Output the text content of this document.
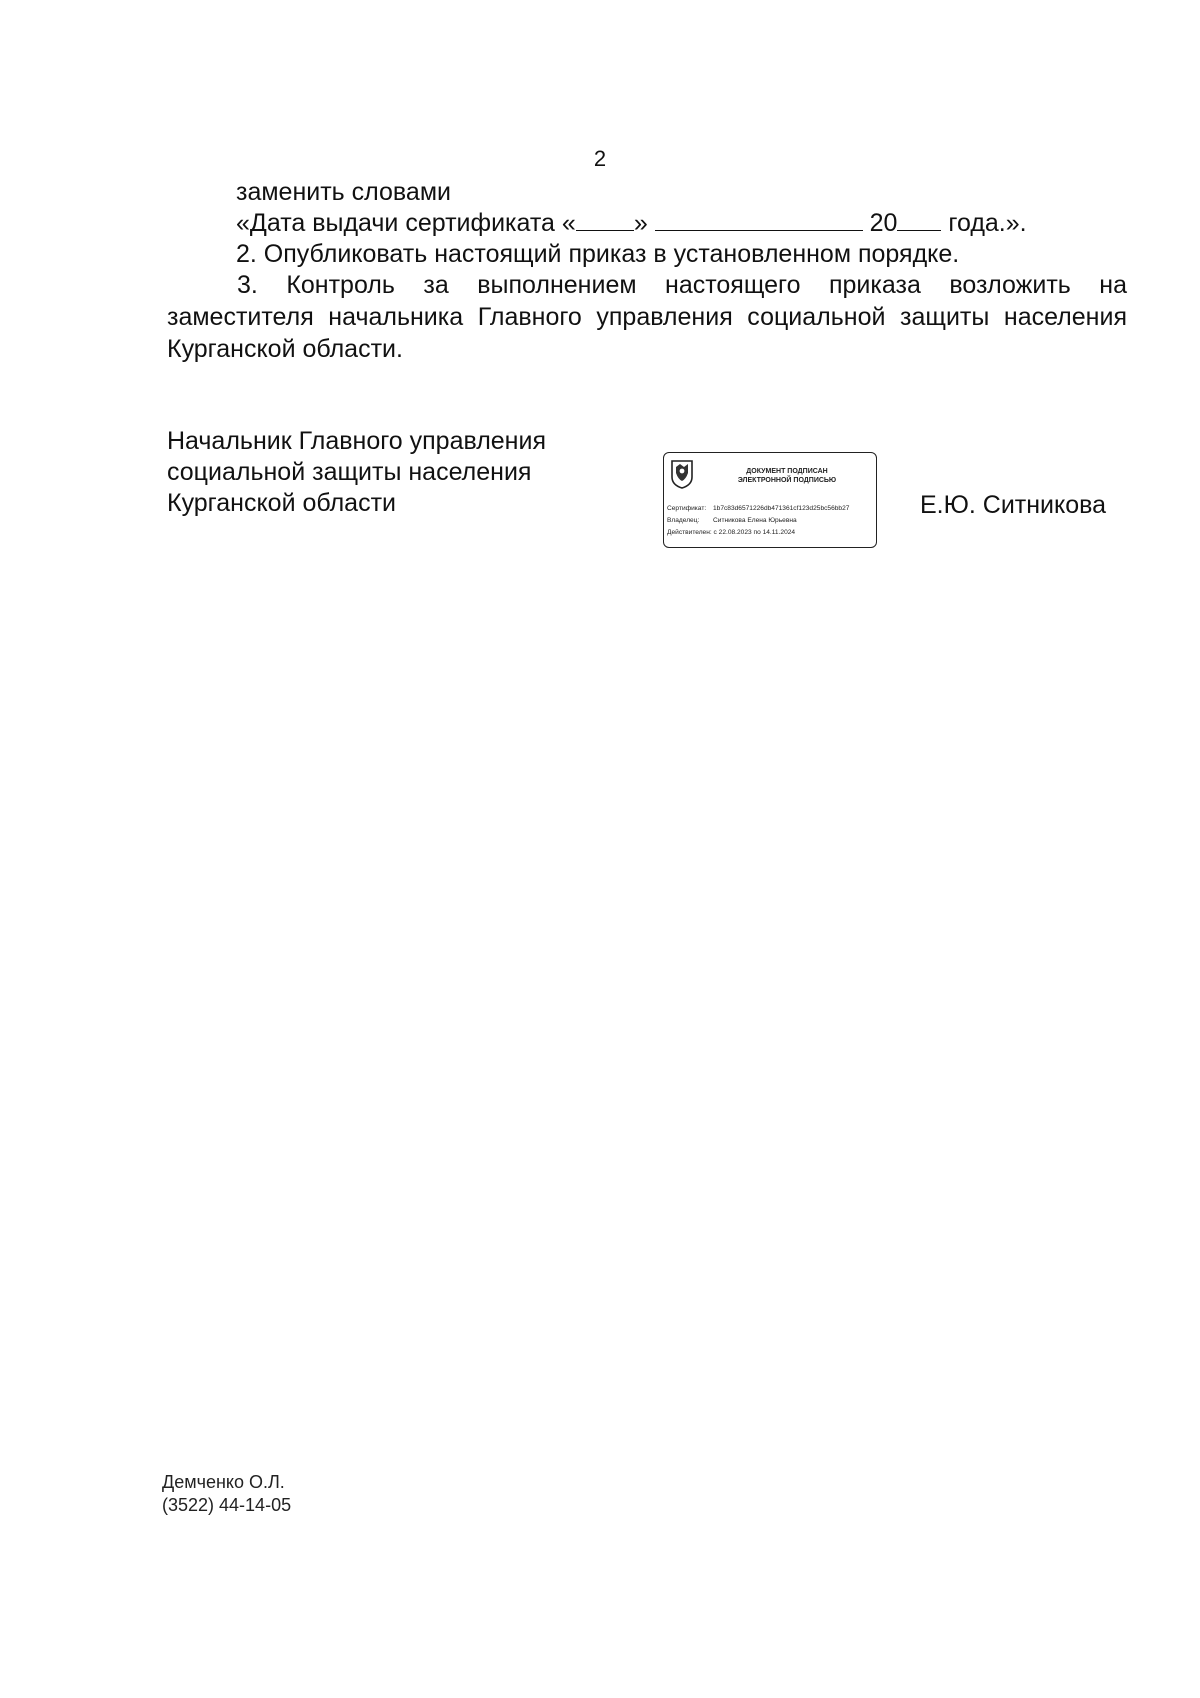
2
заменить словами
«Дата выдачи сертификата « »	20 года.».
2. Опубликовать настоящий приказ в установленном порядке.
3. Контроль за выполнением настоящего приказа возложить на заместителя начальника Главного управления социальной защиты населения Курганской области.
Начальник Главного управления
социальной защиты населения
Курганской области
ДОКУМЕНТ ПОДПИСАН
ЭЛЕКТРОННОЙ ПОДПИСЬЮ
Сертификат: 1b7c83d6571226db471361cf123d25bc56bb27
Владелец: Ситникова Елена Юрьевна
Действителен: с 22.08.2023 по 14.11.2024
Е.Ю. Ситникова
Демченко О.Л.
(3522) 44-14-05
